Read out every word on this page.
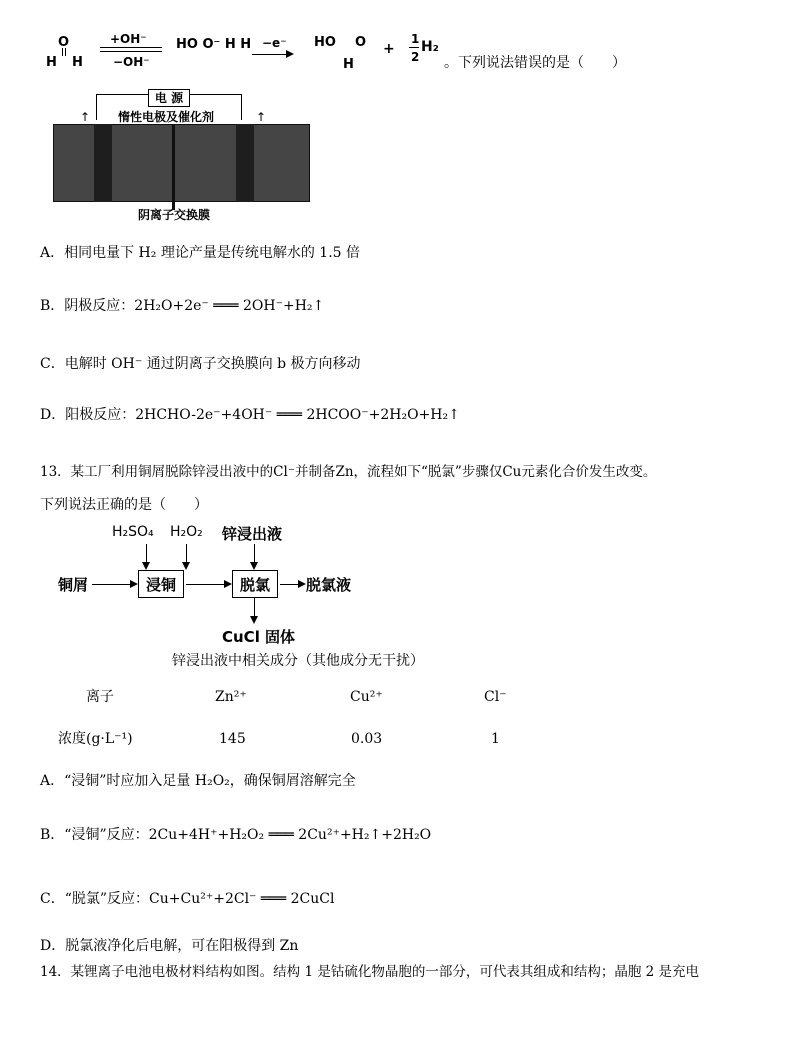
O
H H
+OH⁻
−OH⁻
HO O⁻ H H −e⁻ HO O
H
+
1
2
H₂
。下列说法错误的是（　　）
电 源
惰性电极及催化剂
↑	↑
阴离子交换膜
A．相同电量下 H₂ 理论产量是传统电解水的 1.5 倍
B．阴极反应：2H₂O+2e⁻ ═══ 2OH⁻+H₂↑
C．电解时 OH⁻ 通过阴离子交换膜向 b 极方向移动
D．阳极反应：2HCHO-2e⁻+4OH⁻ ═══ 2HCOO⁻+2H₂O+H₂↑
13．某工厂利用铜屑脱除锌浸出液中的Cl⁻并制备Zn，流程如下“脱氯”步骤仅Cu元素化合价发生改变。
下列说法正确的是（　　）
H₂SO₄ H₂O₂ 锌浸出液
铜屑	浸铜	脱氯	脱氯液
CuCl 固体
锌浸出液中相关成分（其他成分无干扰）
离子	Zn²⁺	Cu²⁺	Cl⁻
浓度(g·L⁻¹)	145	0.03	1
A．“浸铜”时应加入足量 H₂O₂，确保铜屑溶解完全
B．“浸铜”反应：2Cu+4H⁺+H₂O₂ ═══ 2Cu²⁺+H₂↑+2H₂O
C．“脱氯”反应：Cu+Cu²⁺+2Cl⁻ ═══ 2CuCl
D．脱氯液净化后电解，可在阳极得到 Zn
14．某锂离子电池电极材料结构如图。结构 1 是钴硫化物晶胞的一部分，可代表其组成和结构；晶胞 2 是充电
